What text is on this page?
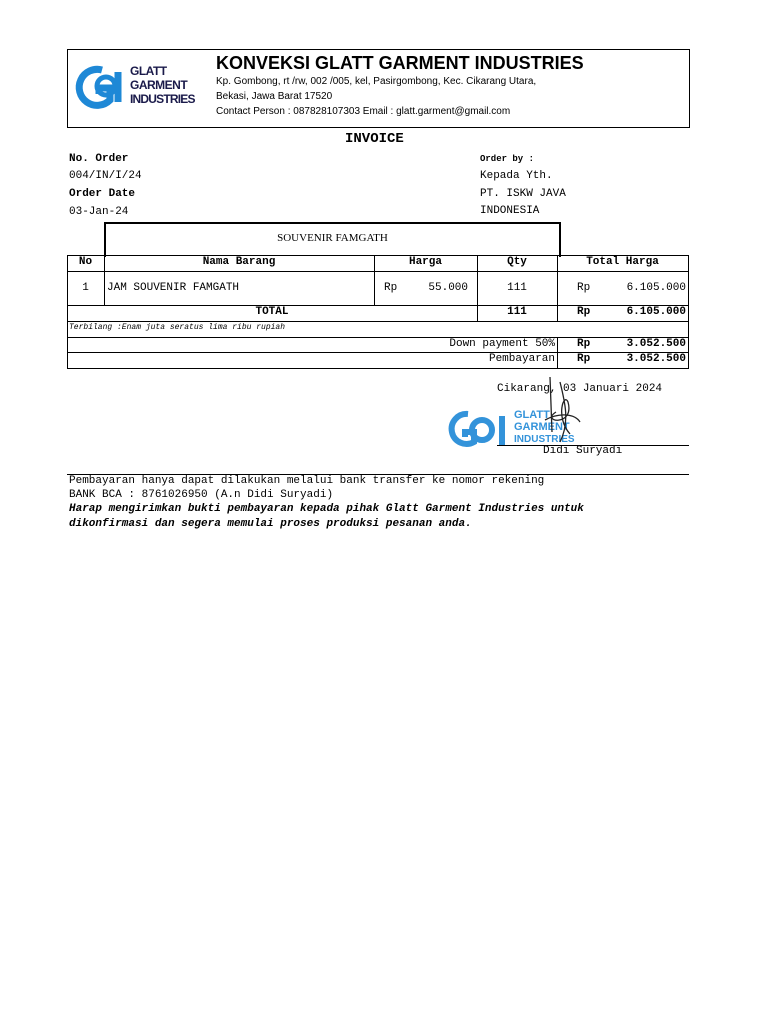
GLATT
GARMENT
INDUSTRIES
KONVEKSI GLATT GARMENT INDUSTRIES
Kp. Gombong, rt /rw, 002 /005, kel, Pasirgombong, Kec. Cikarang Utara,
Bekasi, Jawa Barat 17520
Contact Person : 087828107303 Email : glatt.garment@gmail.com
INVOICE
No. Order
004/IN/I/24
Order Date
03-Jan-24
Order by :
Kepada Yth.
PT. ISKW JAVA
INDONESIA
SOUVENIR FAMGATH
No	Nama Barang	Harga	Qty	Total Harga
1	JAM SOUVENIR FAMGATH	Rp	55.000	111	Rp	6.105.000
TOTAL	111	Rp	6.105.000
Terbilang :Enam juta seratus lima ribu rupiah
Down payment 50% Rp	3.052.500
Pembayaran Rp	3.052.500
Cikarang, 03 Januari 2024
GLATT
GARMENT
INDUSTRIES
Didi Suryadi
Pembayaran hanya dapat dilakukan melalui bank transfer ke nomor rekening
BANK BCA : 8761026950 (A.n Didi Suryadi)
Harap mengirimkan bukti pembayaran kepada pihak Glatt Garment Industries untuk
dikonfirmasi dan segera memulai proses produksi pesanan anda.
